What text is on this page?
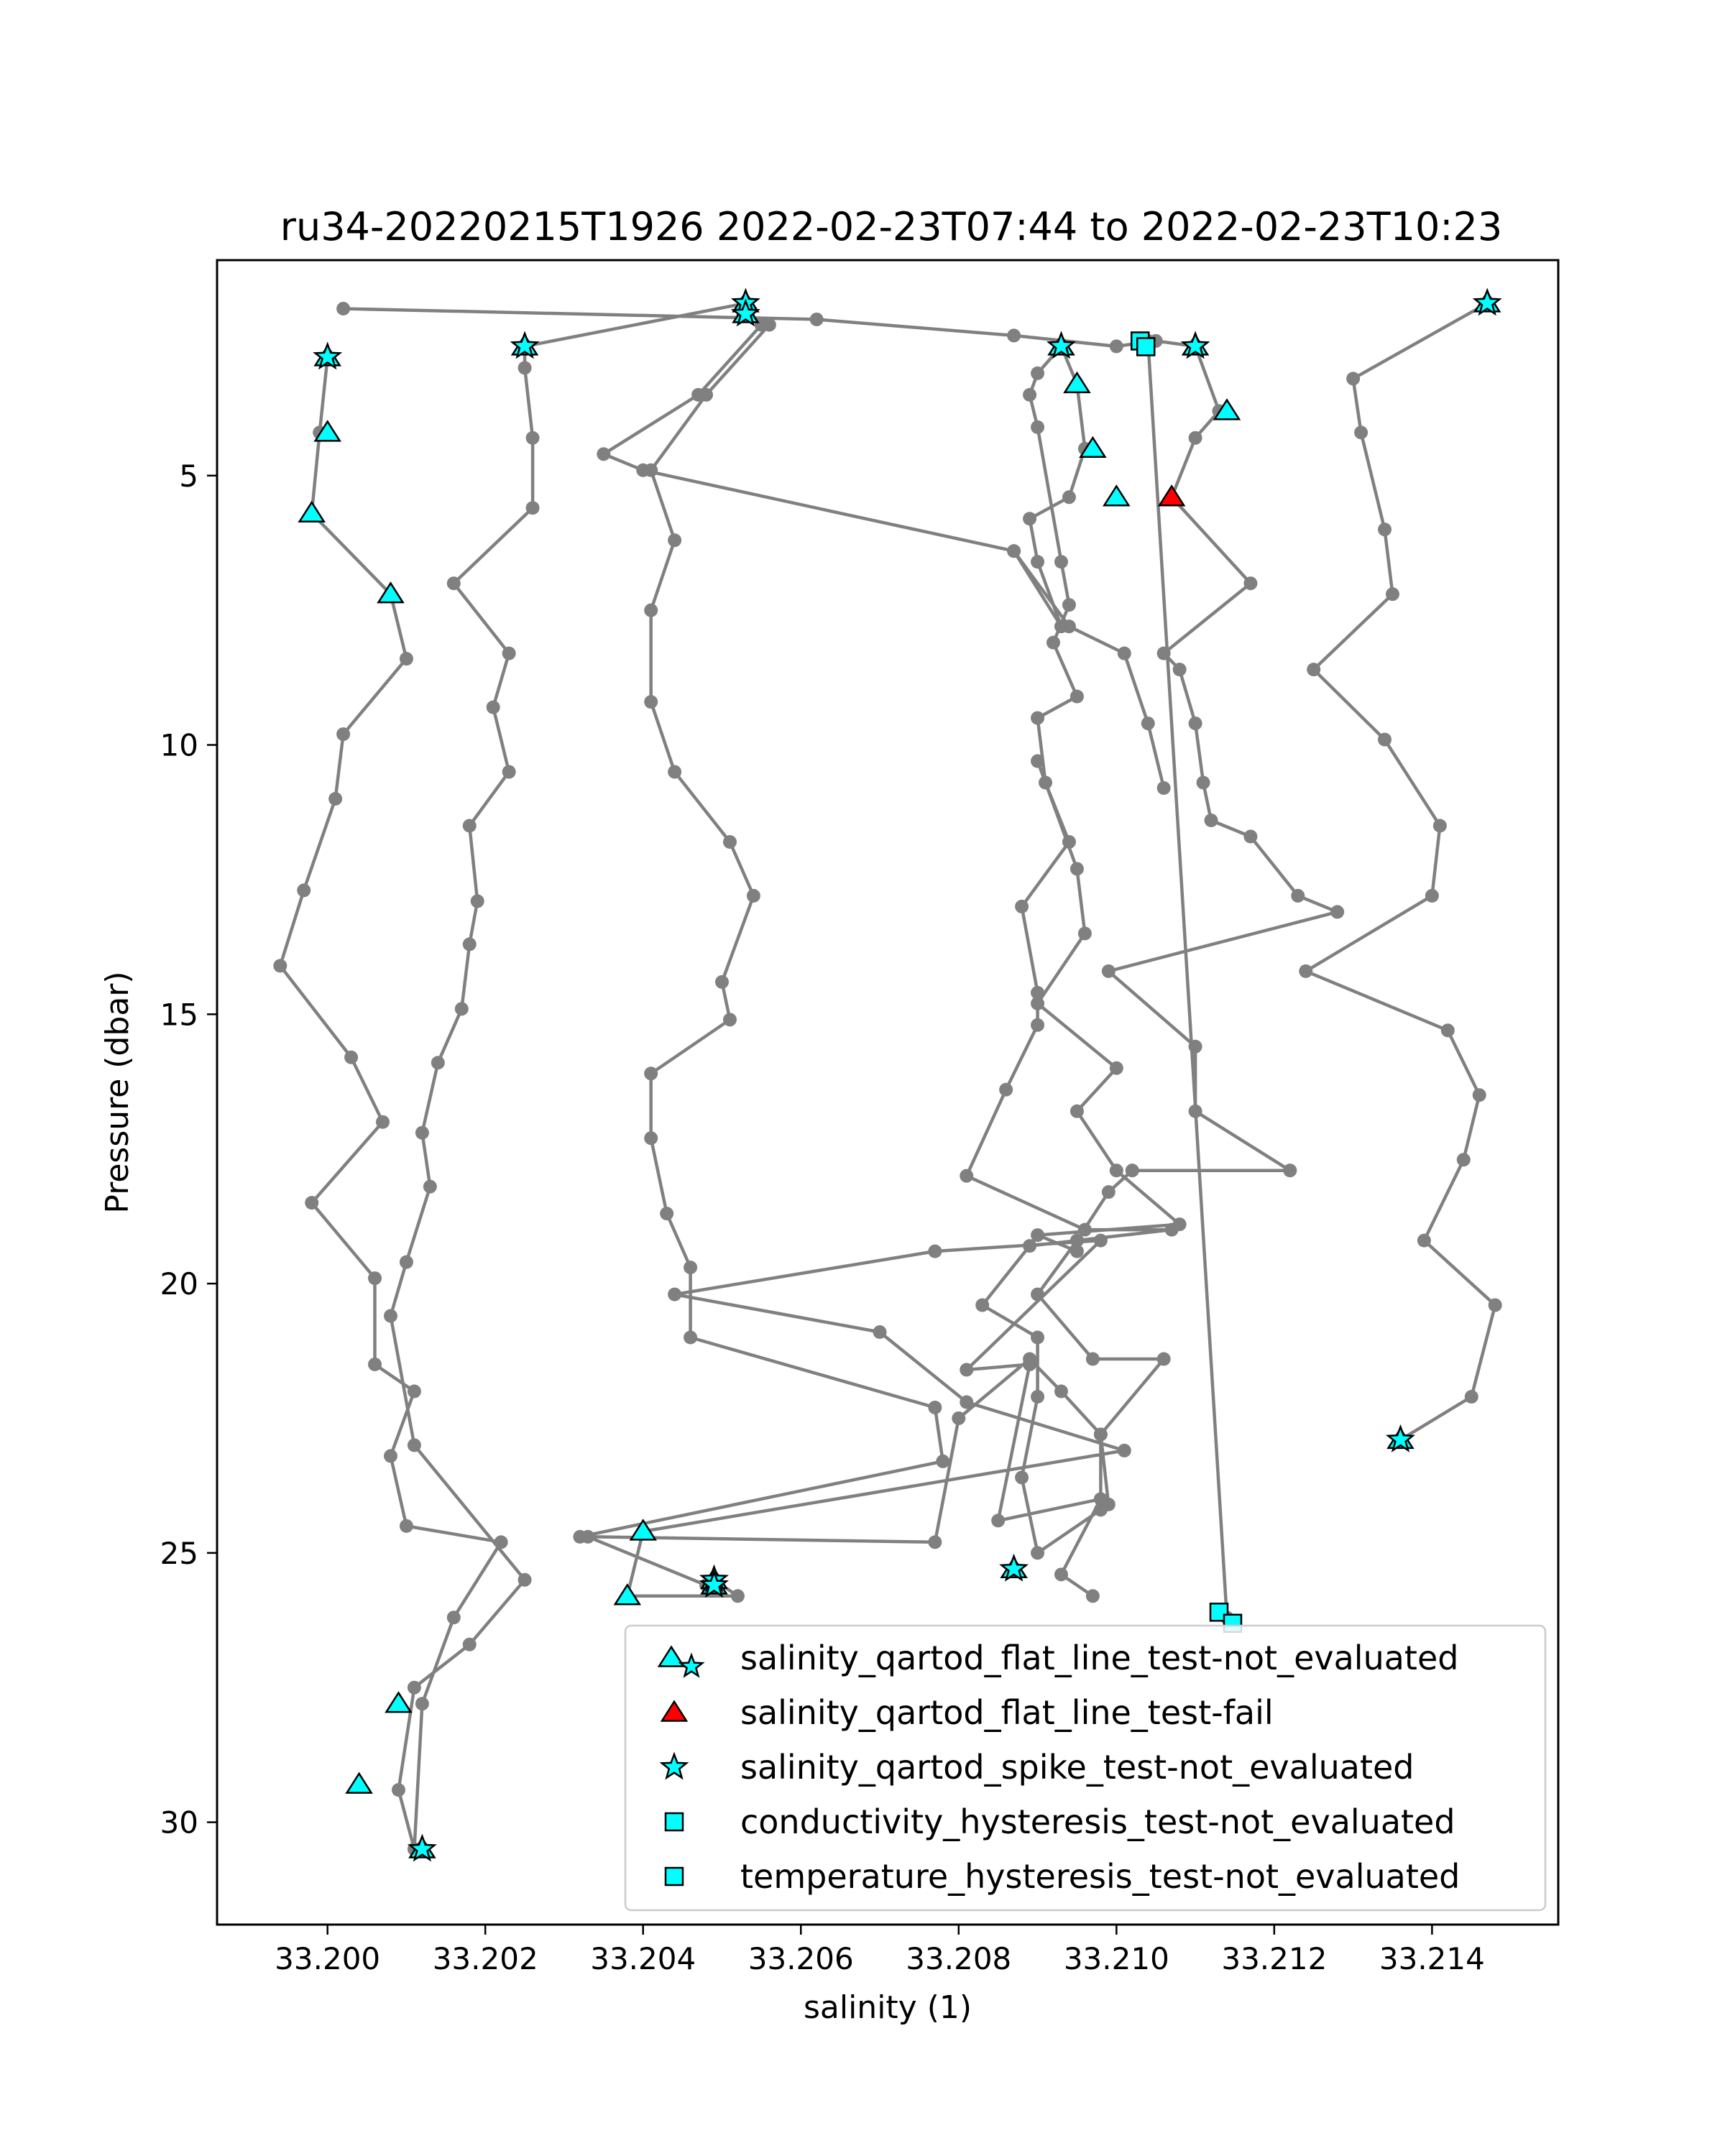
ru34-20220215T1926 2022-02-23T07:44 to 2022-02-23T10:23
33.200 33.202 33.204 33.206 33.208 33.210 33.212 33.214
5
10
15
20
25
30
salinity (1)
Pressure (dbar)
salinity_qartod_flat_line_test-not_evaluated
salinity_qartod_flat_line_test-fail
salinity_qartod_spike_test-not_evaluated
conductivity_hysteresis_test-not_evaluated
temperature_hysteresis_test-not_evaluated
